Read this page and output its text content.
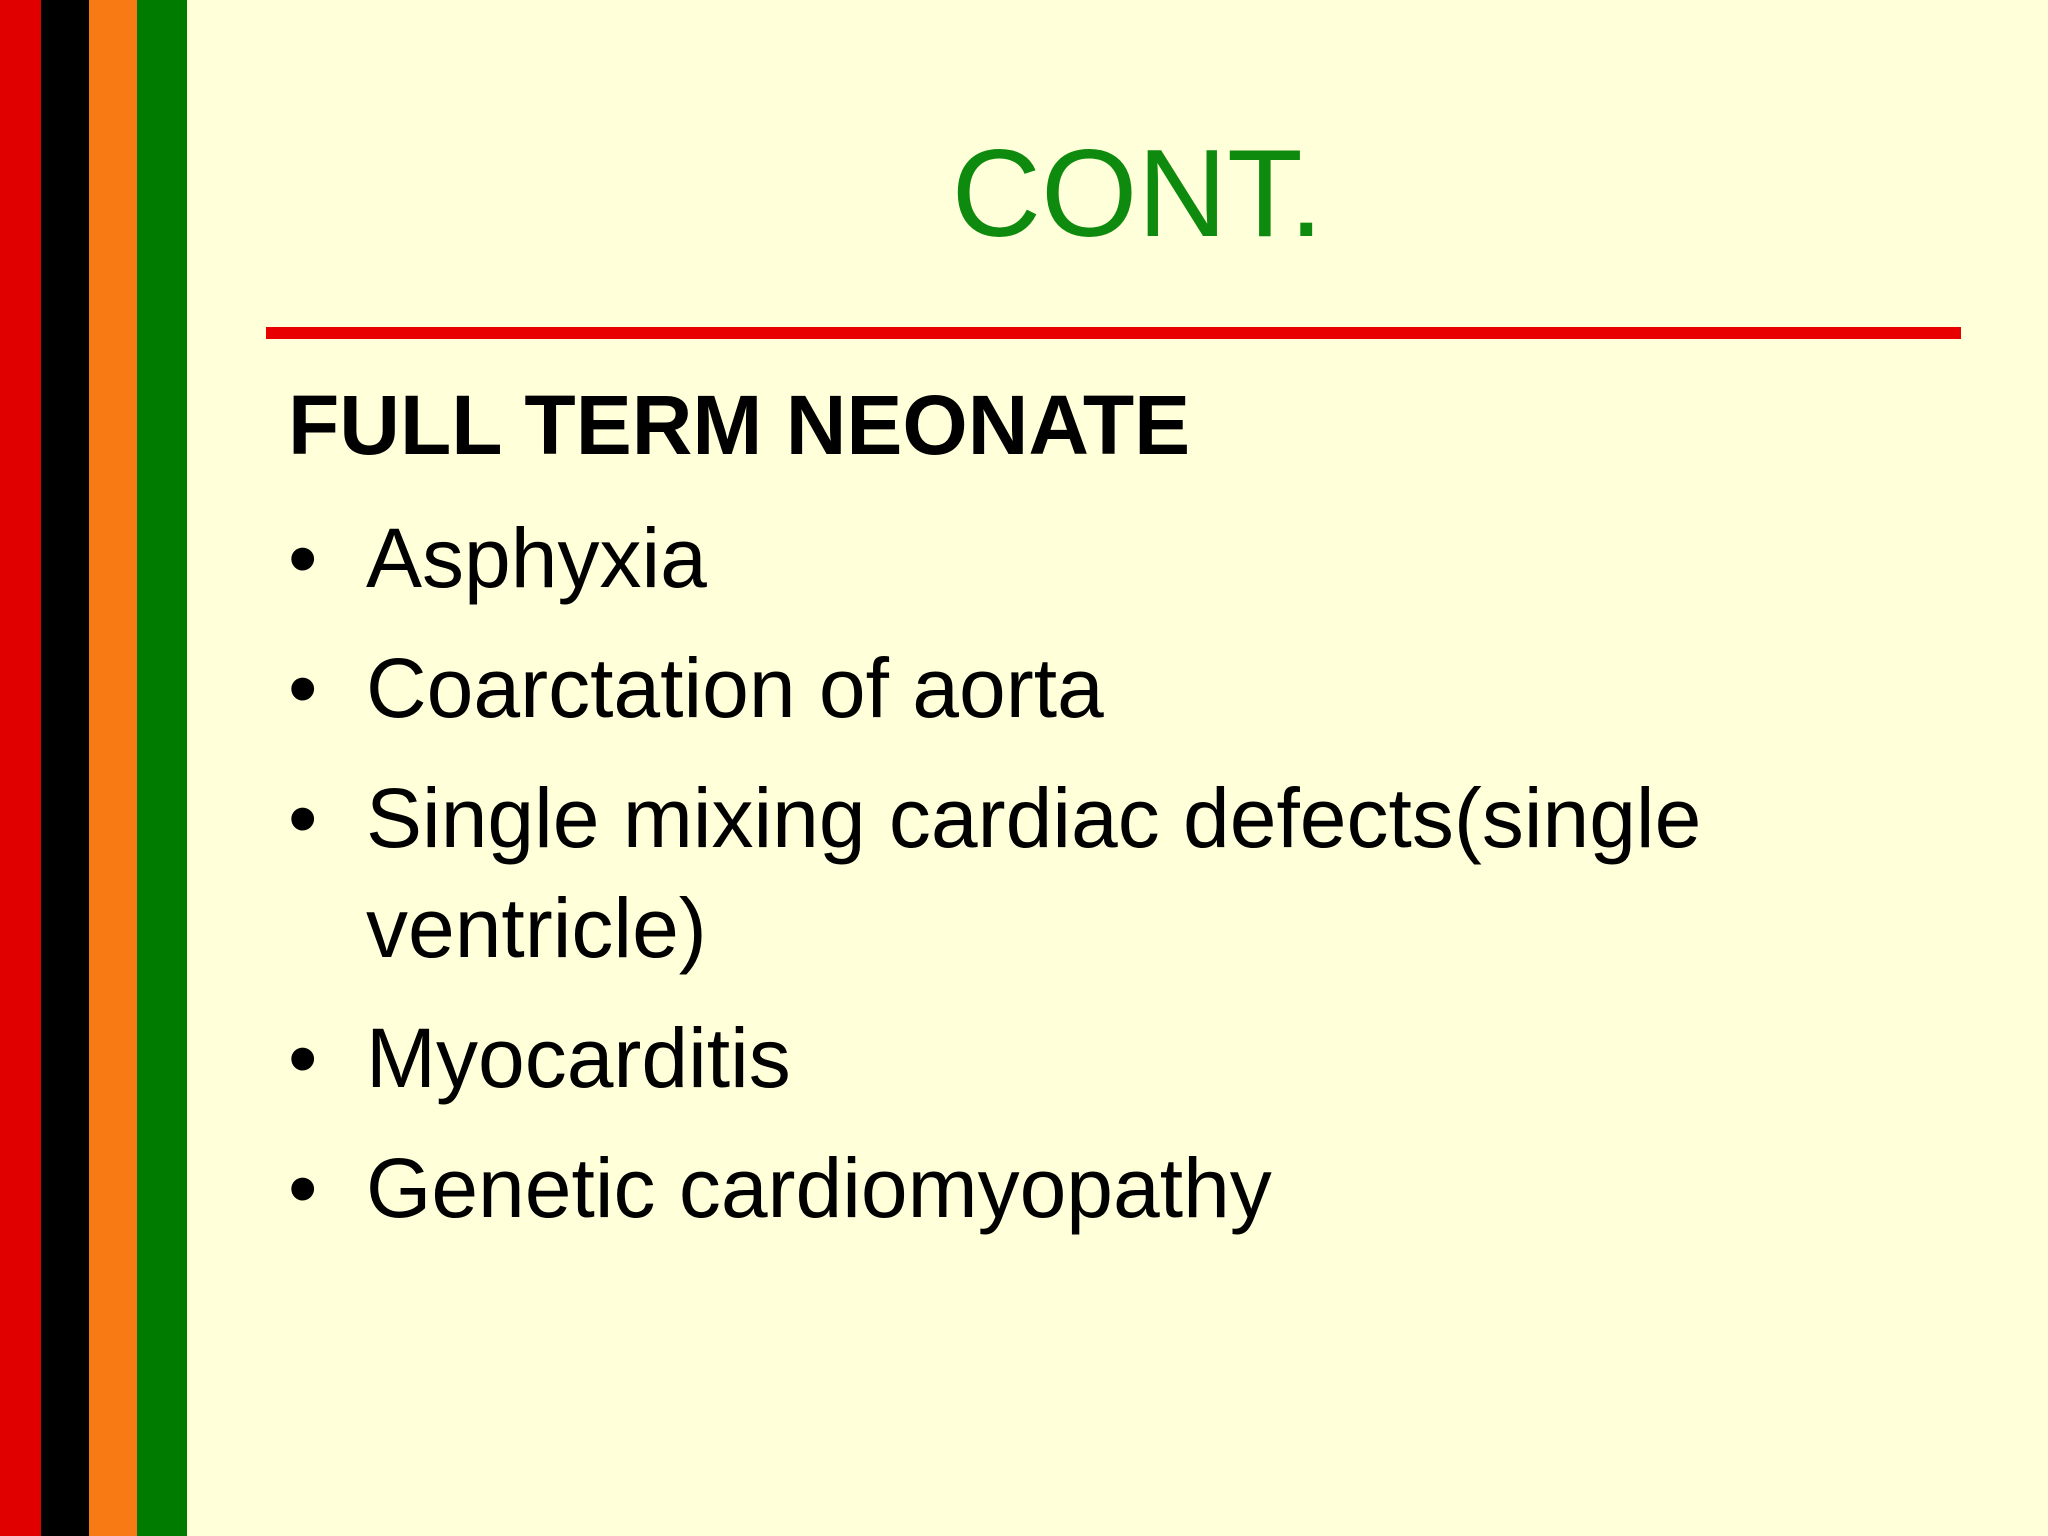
CONT.
FULL TERM NEONATE
• Asphyxia
• Coarctation of aorta
• Single mixing cardiac defects(single ventricle)
• Myocarditis
• Genetic cardiomyopathy
